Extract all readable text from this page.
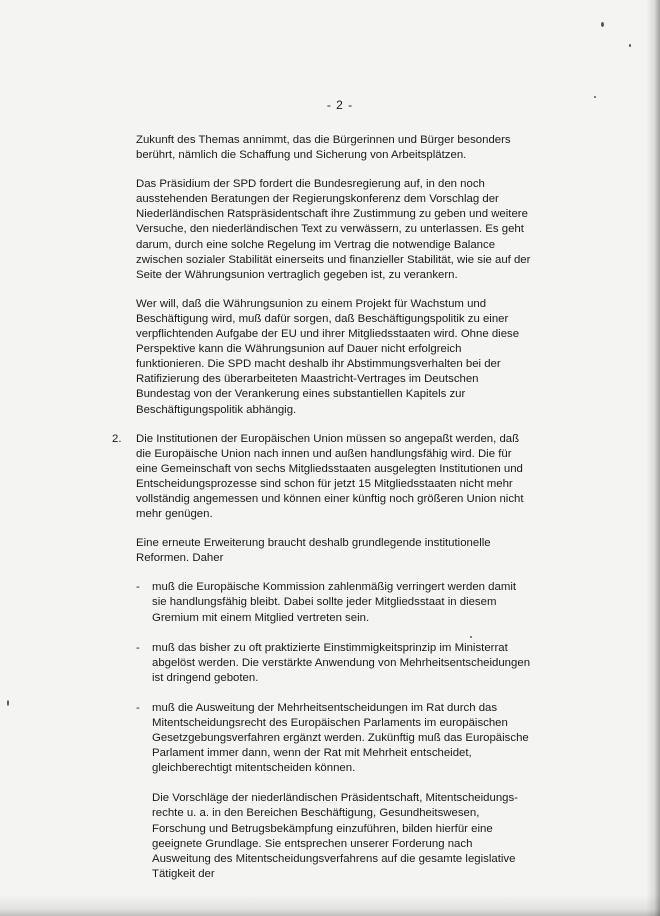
- 2 -

Zukunft des Themas annimmt, das die Bürgerinnen und Bürger besonders berührt, nämlich die Schaffung und Sicherung von Arbeitsplätzen.

Das Präsidium der SPD fordert die Bundesregierung auf, in den noch ausstehenden Beratungen der Regierungskonferenz dem Vorschlag der Niederländischen Ratspräsidentschaft ihre Zustimmung zu geben und weitere Versuche, den niederländischen Text zu verwässern, zu unterlassen. Es geht darum, durch eine solche Regelung im Vertrag die notwendige Balance zwischen sozialer Stabilität einerseits und finanzieller Stabilität, wie sie auf der Seite der Währungsunion vertraglich gegeben ist, zu verankern.

Wer will, daß die Währungsunion zu einem Projekt für Wachstum und Beschäftigung wird, muß dafür sorgen, daß Beschäftigungspolitik zu einer verpflichtenden Aufgabe der EU und ihrer Mitgliedsstaaten wird. Ohne diese Perspektive kann die Währungsunion auf Dauer nicht erfolgreich funktionieren. Die SPD macht deshalb ihr Abstimmungsverhalten bei der Ratifizierung des überarbeiteten Maastricht-Vertrages im Deutschen Bundestag von der Verankerung eines substantiellen Kapitels zur Beschäftigungspolitik abhängig.

2.	Die Institutionen der Europäischen Union müssen so angepaßt werden, daß die Europäische Union nach innen und außen handlungsfähig wird. Die für eine Gemeinschaft von sechs Mitgliedsstaaten ausgelegten Institutionen und Entscheidungsprozesse sind schon für jetzt 15 Mitgliedsstaaten nicht mehr vollständig angemessen und können einer künftig noch größeren Union nicht mehr genügen.

Eine erneute Erweiterung braucht deshalb grundlegende institutionelle Reformen. Daher

-	muß die Europäische Kommission zahlenmäßig verringert werden damit sie handlungsfähig bleibt. Dabei sollte jeder Mitgliedsstaat in diesem Gremium mit einem Mitglied vertreten sein.
-	muß das bisher zu oft praktizierte Einstimmigkeitsprinzip im Ministerrat abgelöst werden. Die verstärkte Anwendung von Mehrheitsentscheidungen ist dringend geboten.
-	muß die Ausweitung der Mehrheitsentscheidungen im Rat durch das Mitentscheidungsrecht des Europäischen Parlaments im europäischen Gesetzgebungsverfahren ergänzt werden. Zukünftig muß das Europäische Parlament immer dann, wenn der Rat mit Mehrheit entscheidet, gleichberechtigt mitentscheiden können.

Die Vorschläge der niederländischen Präsidentschaft, Mitentscheidungs-rechte u. a. in den Bereichen Beschäftigung, Gesundheitswesen, Forschung und Betrugsbekämpfung einzuführen, bilden hierfür eine geeignete Grundlage. Sie entsprechen unserer Forderung nach Ausweitung des Mitentscheidungsverfahrens auf die gesamte legislative Tätigkeit der
